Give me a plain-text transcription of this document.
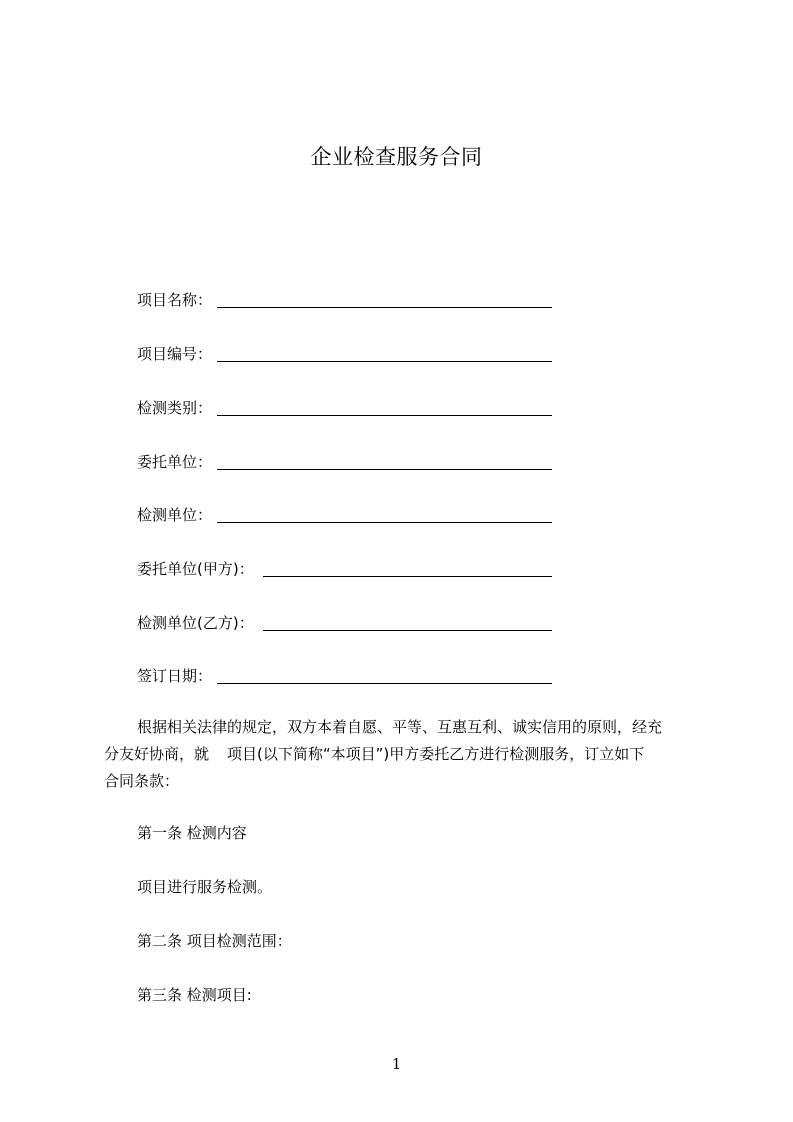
企业检查服务合同
项目名称：
项目编号：
检测类别：
委托单位：
检测单位：
委托单位(甲方)：
检测单位(乙方)：
签订日期：
根据相关法律的规定，双方本着自愿、平等、互惠互利、诚实信用的原则，经充
分友好协商，就 项目(以下简称“本项目”)甲方委托乙方进行检测服务，订立如下
合同条款：
第一条 检测内容
项目进行服务检测。
第二条 项目检测范围：
第三条 检测项目:
1
